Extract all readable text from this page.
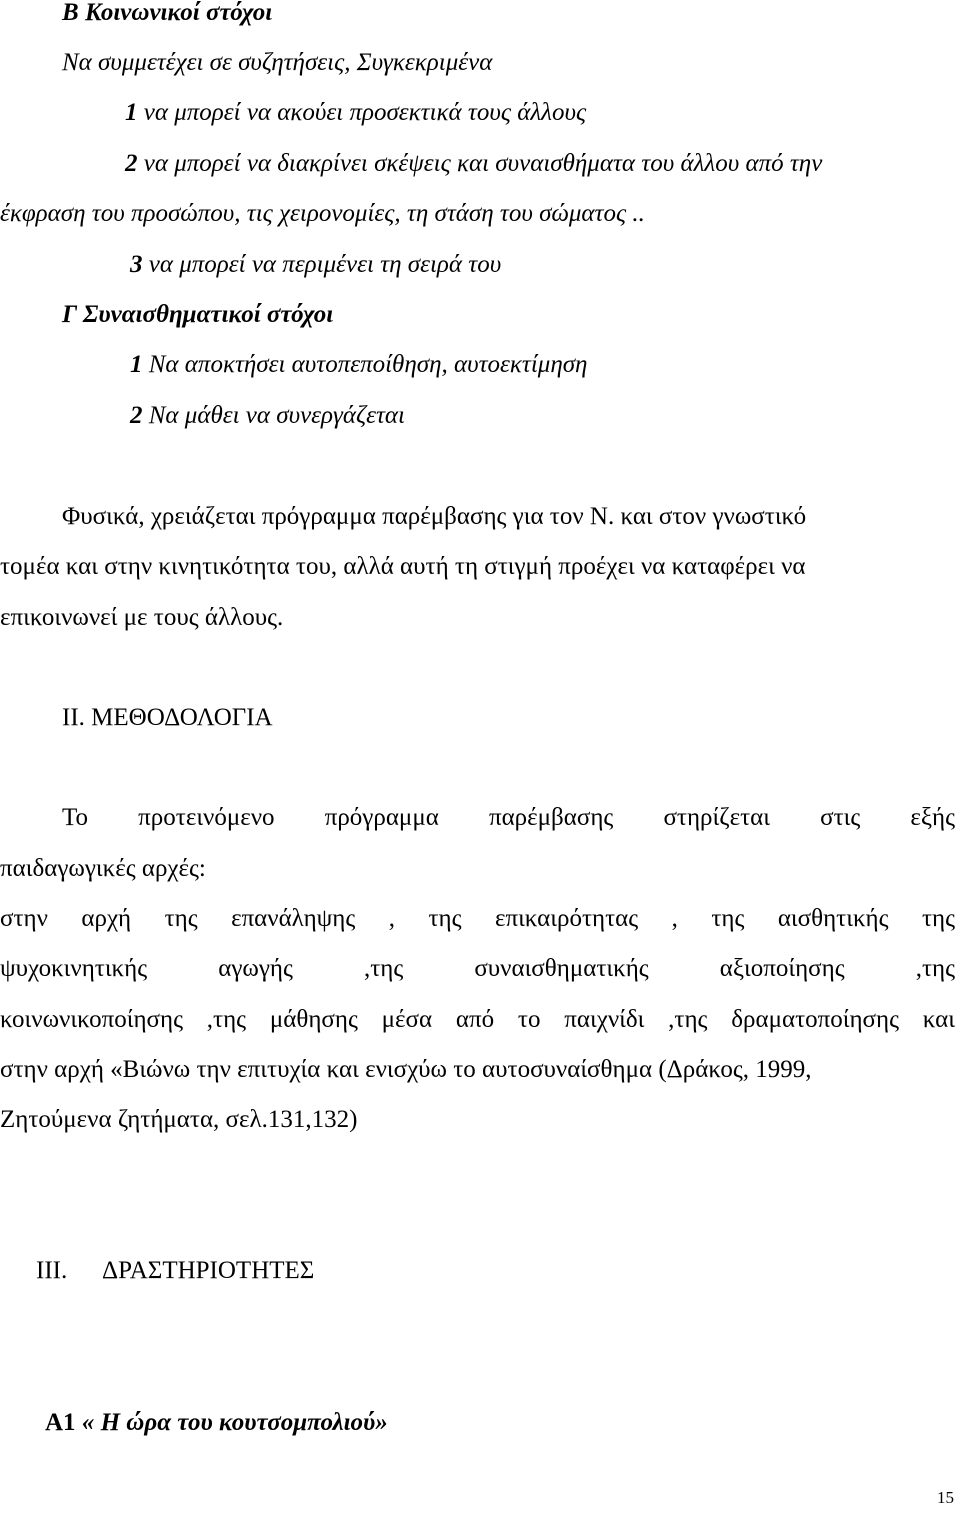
B Κοινωνικοί στόχοι

Να συμμετέχει σε συζητήσεις, Συγκεκριμένα

1 να μπορεί να ακούει προσεκτικά τους άλλους

2 να μπορεί να διακρίνει σκέψεις και συναισθήματα του άλλου από την

έκφραση του προσώπου, τις χειρονομίες, τη στάση του σώματος ..

3 να μπορεί να περιμένει τη σειρά του

Γ Συναισθηματικοί στόχοι

1 Να αποκτήσει αυτοπεποίθηση, αυτοεκτίμηση

2 Να μάθει να συνεργάζεται

Φυσικά, χρειάζεται πρόγραμμα παρέμβασης για τον Ν. και στον γνωστικό

τομέα και στην κινητικότητα του, αλλά αυτή τη στιγμή προέχει να καταφέρει να

επικοινωνεί με τους άλλους.

ΙΙ. ΜΕΘΟΔΟΛΟΓΙΑ

Το προτεινόμενο πρόγραμμα παρέμβασης στηρίζεται στις εξής

παιδαγωγικές αρχές:

στην αρχή της επανάληψης , της επικαιρότητας , της αισθητικής της

ψυχοκινητικής αγωγής ,της συναισθηματικής αξιοποίησης ,της

κοινωνικοποίησης ,της μάθησης μέσα από το παιχνίδι ,της δραματοποίησης και

στην αρχή «Βιώνω την επιτυχία και ενισχύω το αυτοσυναίσθημα (Δράκος, 1999,

Ζητούμενα ζητήματα, σελ.131,132)

ΙΙΙ. ΔΡΑΣΤΗΡΙΟΤΗΤΕΣ

Α1 « Η ώρα του κουτσομπολιού»

15
